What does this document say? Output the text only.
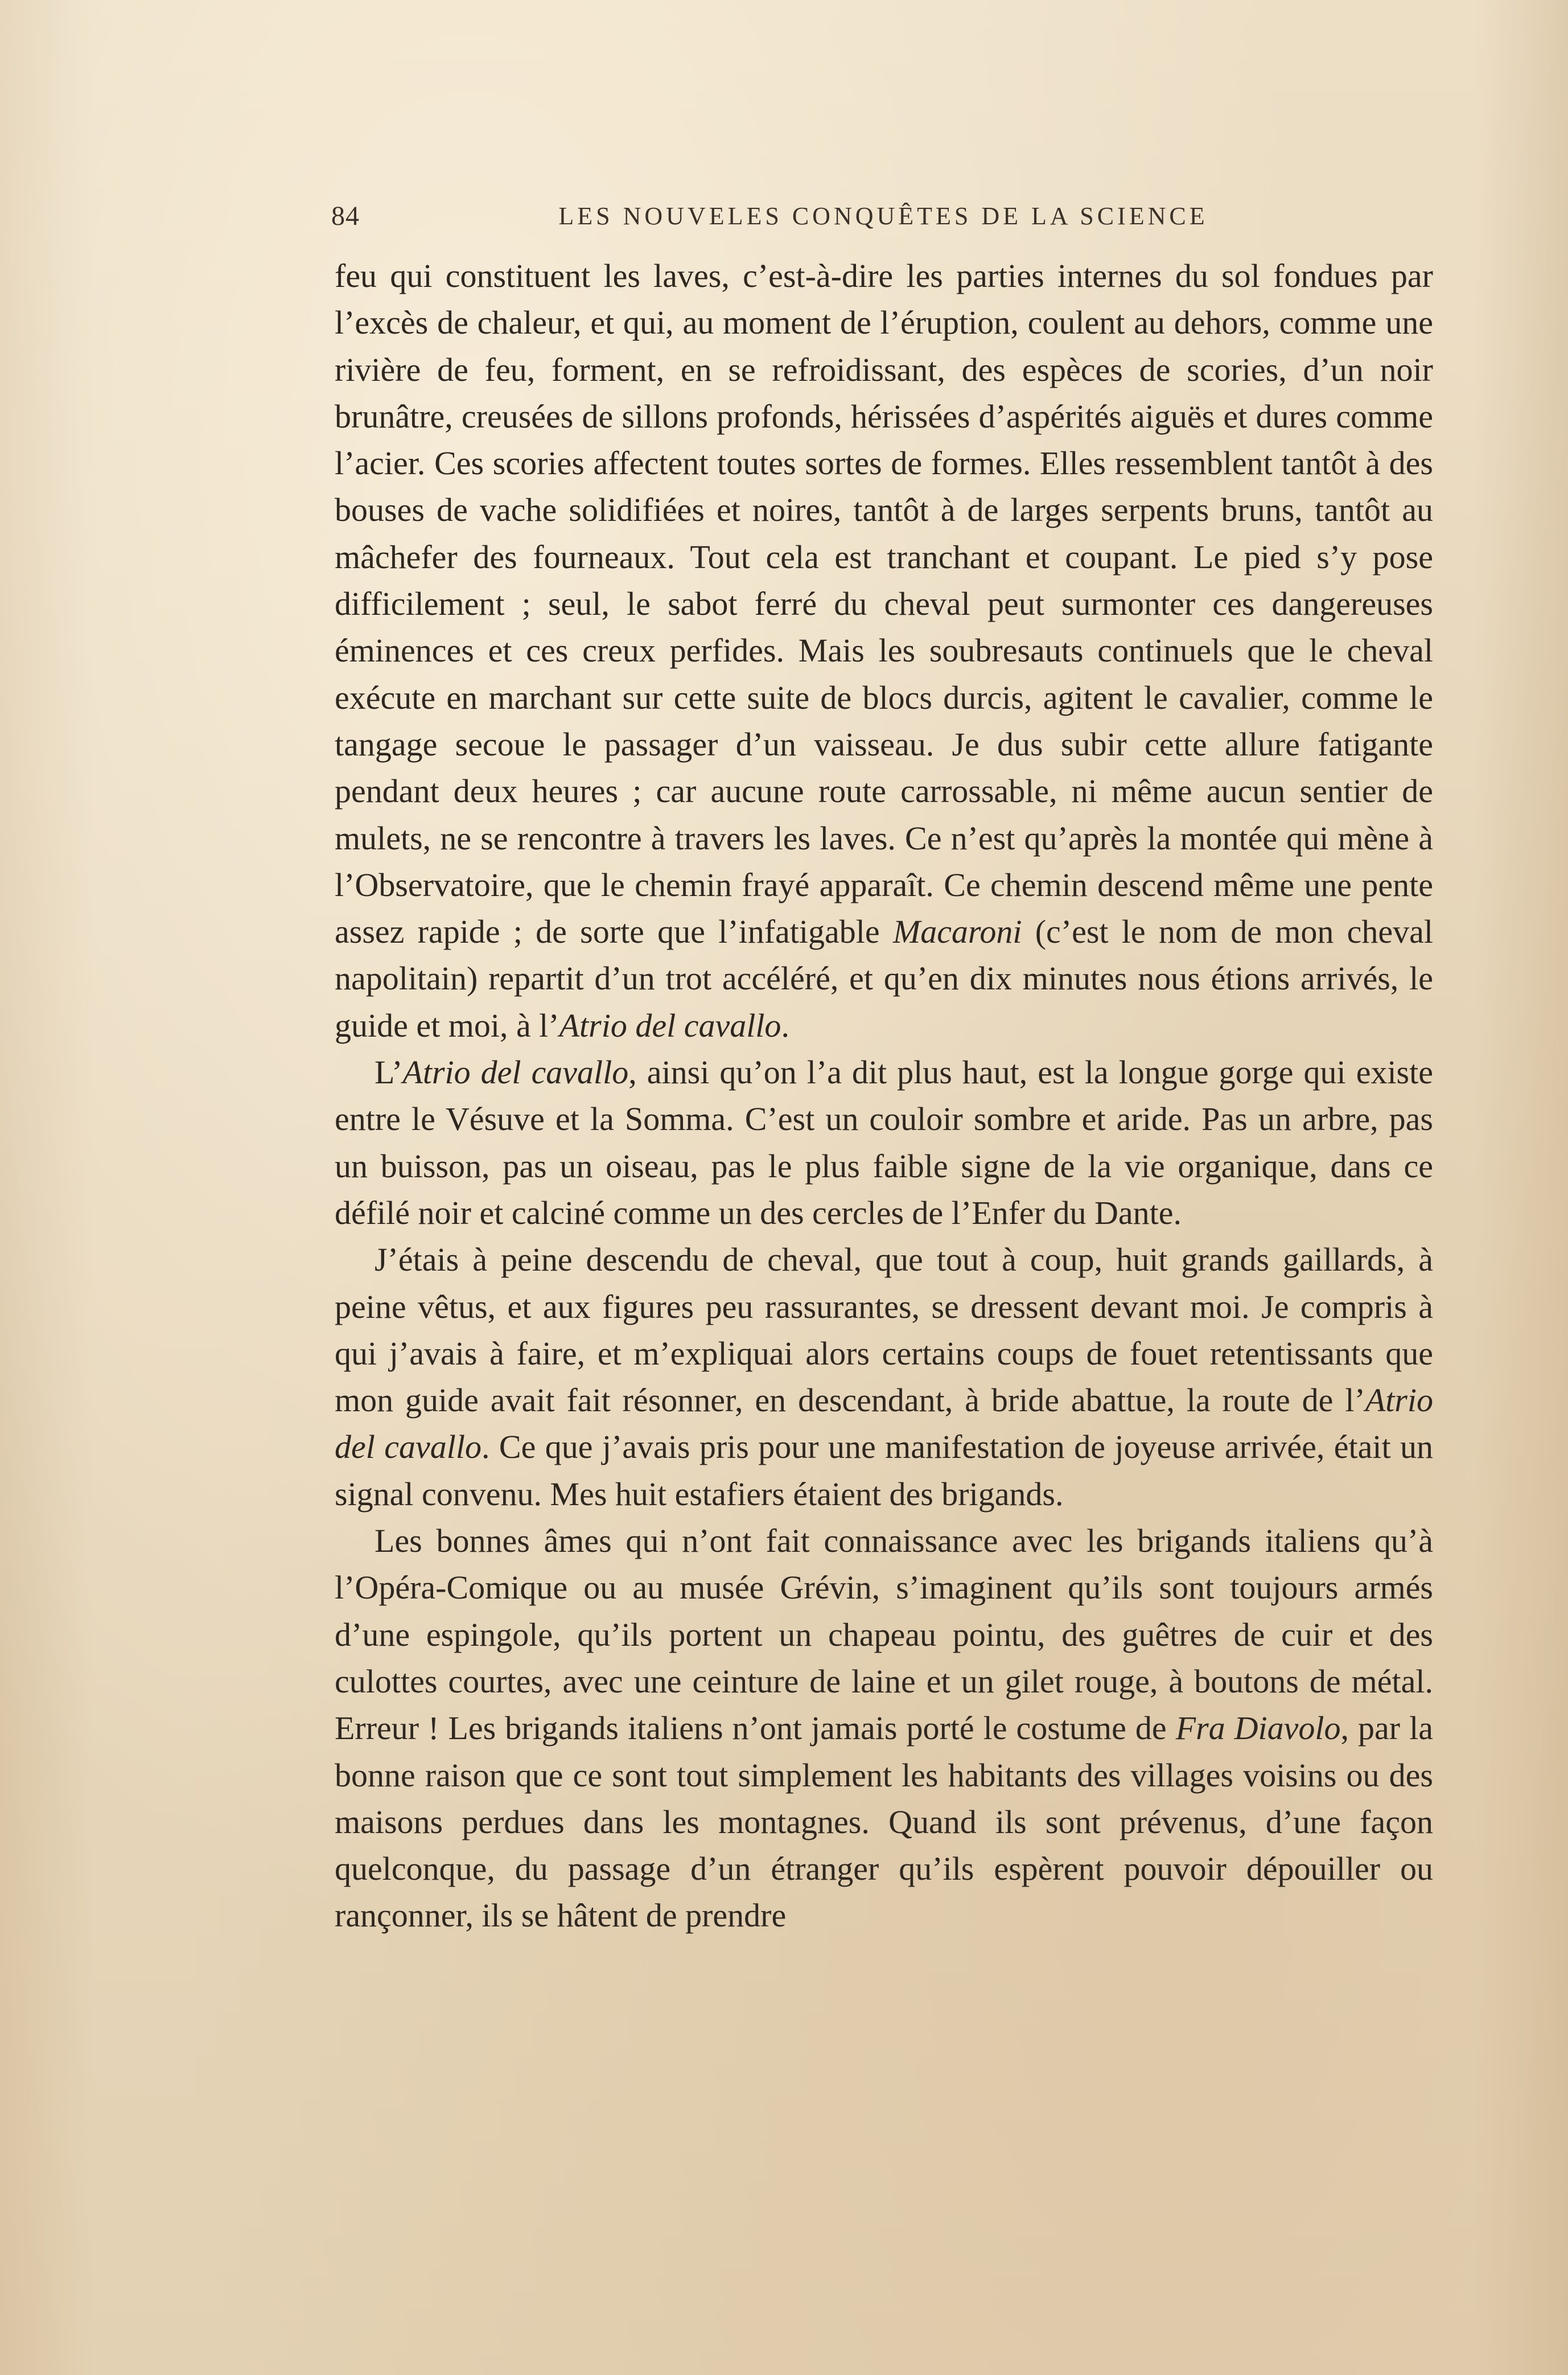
84	LES NOUVELES CONQUÊTES DE LA SCIENCE

feu qui constituent les laves, c’est-à-dire les parties internes du sol fondues par l’excès de chaleur, et qui, au moment de l’éruption, coulent au dehors, comme une rivière de feu, forment, en se refroidissant, des espèces de scories, d’un noir brunâtre, creusées de sillons profonds, hérissées d’aspérités aiguës et dures comme l’acier. Ces scories affectent toutes sortes de formes. Elles ressemblent tantôt à des bouses de vache solidifiées et noires, tantôt à de larges serpents bruns, tantôt au mâchefer des fourneaux. Tout cela est tranchant et coupant. Le pied s’y pose difficilement ; seul, le sabot ferré du cheval peut surmonter ces dangereuses éminences et ces creux perfides. Mais les soubresauts continuels que le cheval exécute en marchant sur cette suite de blocs durcis, agitent le cavalier, comme le tangage secoue le passager d’un vaisseau. Je dus subir cette allure fatigante pendant deux heures ; car aucune route carrossable, ni même aucun sentier de mulets, ne se rencontre à travers les laves. Ce n’est qu’après la montée qui mène à l’Observatoire, que le chemin frayé apparaît. Ce chemin descend même une pente assez rapide ; de sorte que l’infatigable Macaroni (c’est le nom de mon cheval napolitain) repartit d’un trot accéléré, et qu’en dix minutes nous étions arrivés, le guide et moi, à l’Atrio del cavallo.

L’Atrio del cavallo, ainsi qu’on l’a dit plus haut, est la longue gorge qui existe entre le Vésuve et la Somma. C’est un couloir sombre et aride. Pas un arbre, pas un buisson, pas un oiseau, pas le plus faible signe de la vie organique, dans ce défilé noir et calciné comme un des cercles de l’Enfer du Dante.

J’étais à peine descendu de cheval, que tout à coup, huit grands gaillards, à peine vêtus, et aux figures peu rassurantes, se dressent devant moi. Je compris à qui j’avais à faire, et m’expliquai alors certains coups de fouet retentissants que mon guide avait fait résonner, en descendant, à bride abattue, la route de l’Atrio del cavallo. Ce que j’avais pris pour une manifestation de joyeuse arrivée, était un signal convenu. Mes huit estafiers étaient des brigands.

Les bonnes âmes qui n’ont fait connaissance avec les brigands italiens qu’à l’Opéra-Comique ou au musée Grévin, s’imaginent qu’ils sont toujours armés d’une espingole, qu’ils portent un chapeau pointu, des guêtres de cuir et des culottes courtes, avec une ceinture de laine et un gilet rouge, à boutons de métal. Erreur ! Les brigands italiens n’ont jamais porté le costume de Fra Diavolo, par la bonne raison que ce sont tout simplement les habitants des villages voisins ou des maisons perdues dans les montagnes. Quand ils sont prévenus, d’une façon quelconque, du passage d’un étranger qu’ils espèrent pouvoir dépouiller ou rançonner, ils se hâtent de prendre
